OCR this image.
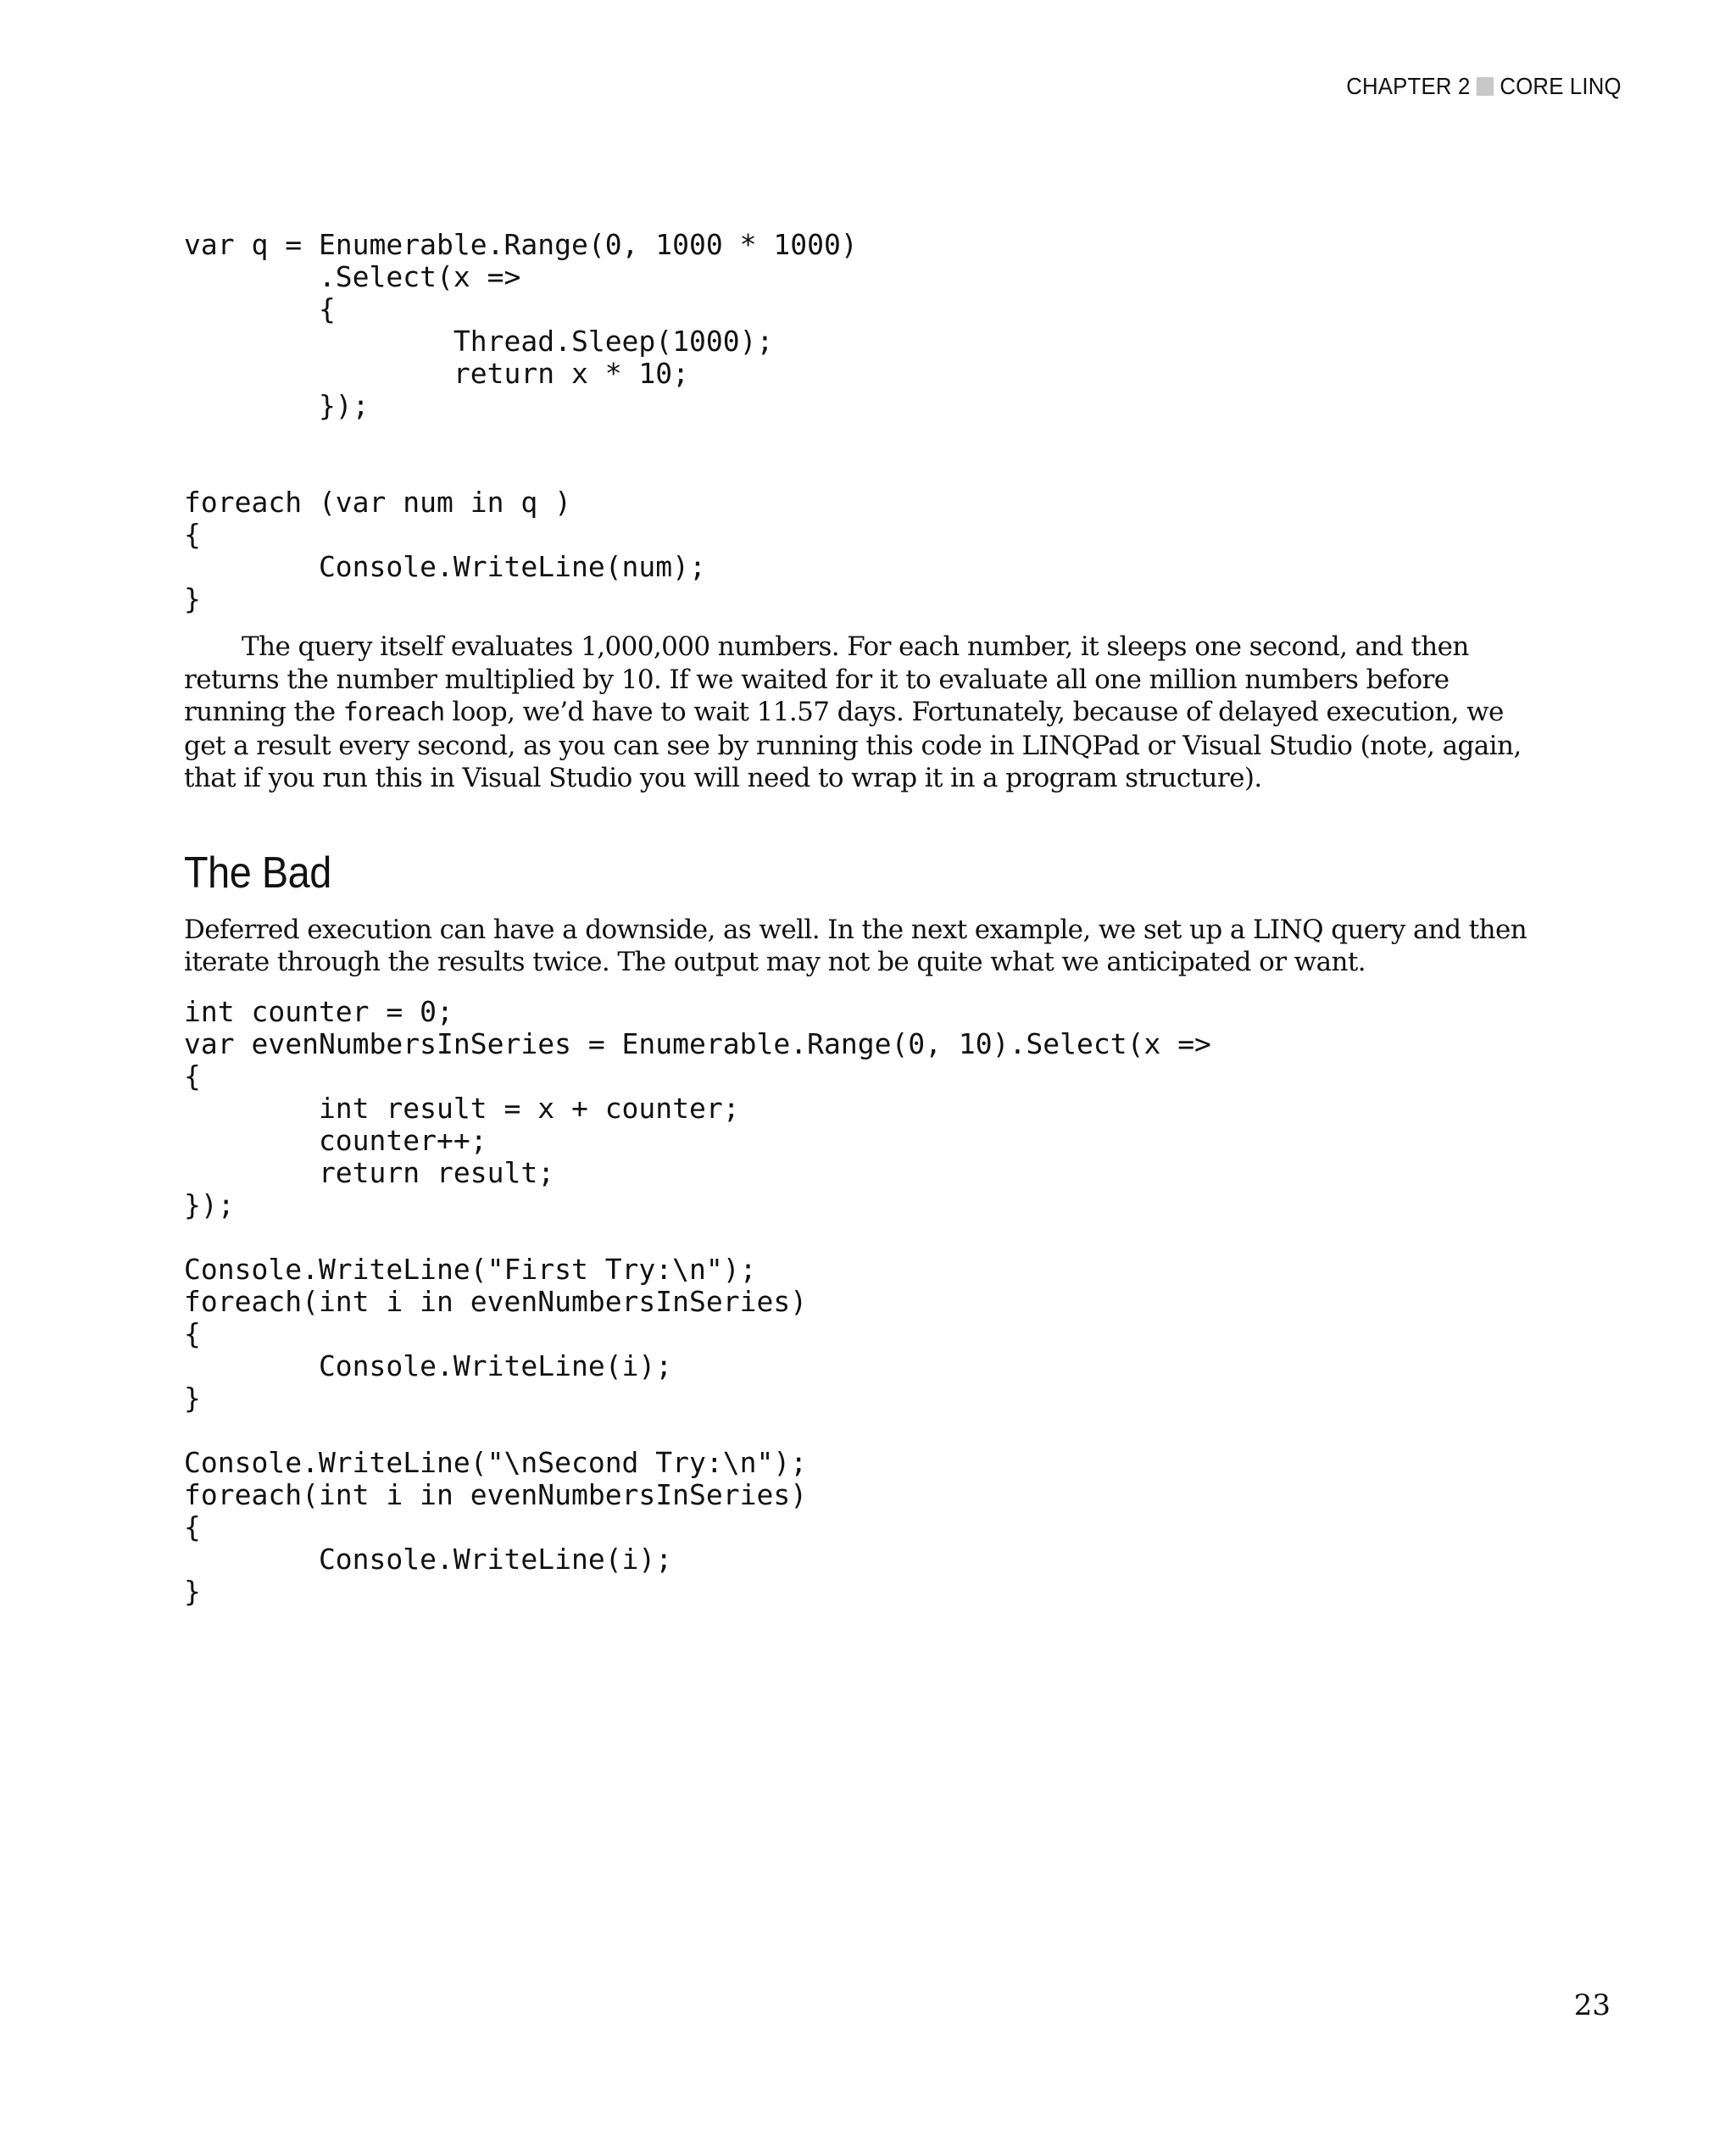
CHAPTER 2 CORE LINQ
var q = Enumerable.Range(0, 1000 * 1000)
.Select(x =>
{
Thread.Sleep(1000);
return x * 10;
});

foreach (var num in q )
{
Console.WriteLine(num);
}

The query itself evaluates 1,000,000 numbers. For each number, it sleeps one second, and then returns the number multiplied by 10. If we waited for it to evaluate all one million numbers before running the foreach loop, we’d have to wait 11.57 days. Fortunately, because of delayed execution, we get a result every second, as you can see by running this code in LINQPad or Visual Studio (note, again, that if you run this in Visual Studio you will need to wrap it in a program structure).

The Bad

Deferred execution can have a downside, as well. In the next example, we set up a LINQ query and then iterate through the results twice. The output may not be quite what we anticipated or want.

int counter = 0;
var evenNumbersInSeries = Enumerable.Range(0, 10).Select(x =>
{
int result = x + counter;
counter++;
return result;
});

Console.WriteLine("First Try:\n");
foreach(int i in evenNumbersInSeries)
{
Console.WriteLine(i);
}

Console.WriteLine("\nSecond Try:\n");
foreach(int i in evenNumbersInSeries)
{
Console.WriteLine(i);
}
23
